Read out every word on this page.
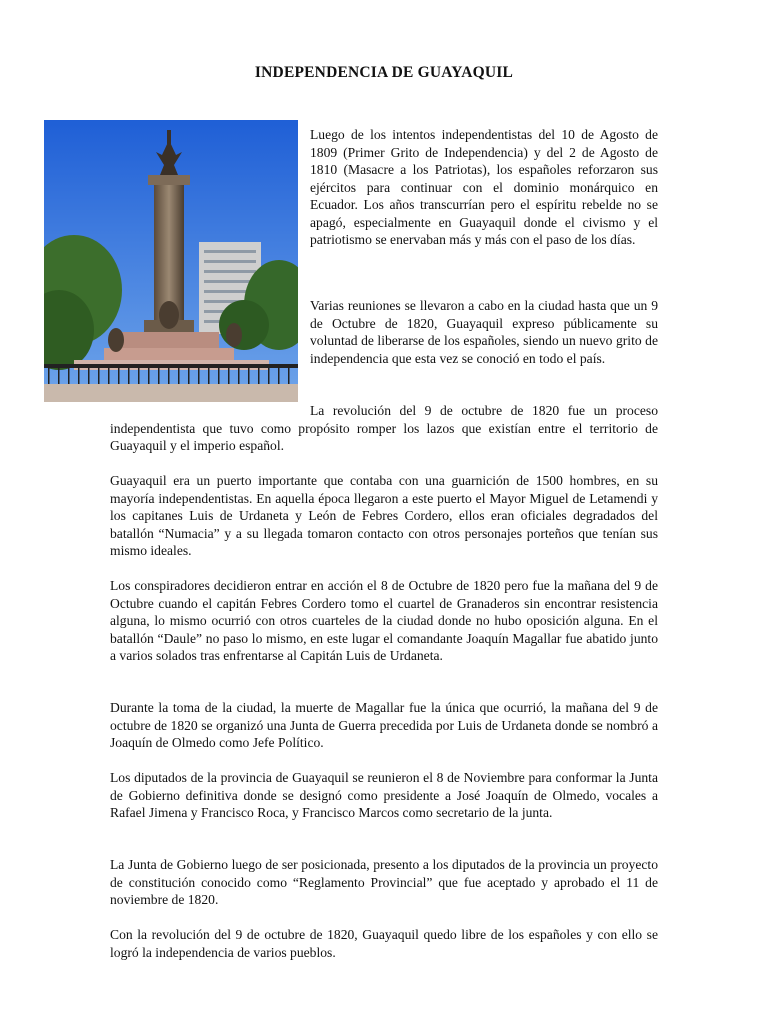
INDEPENDENCIA DE GUAYAQUIL

Luego de los intentos independentistas del 10 de Agosto de 1809 (Primer Grito de Independencia) y del 2 de Agosto de 1810 (Masacre a los Patriotas), los españoles reforzaron sus ejércitos para continuar con el dominio monárquico en Ecuador. Los años transcurrían pero el espíritu rebelde no se apagó, especialmente en Guayaquil donde el civismo y el patriotismo se enervaban más y más con el paso de los días.

Varias reuniones se llevaron a cabo en la ciudad hasta que un 9 de Octubre de 1820, Guayaquil expreso públicamente su voluntad de liberarse de los españoles, siendo un nuevo grito de independencia que esta vez se conoció en todo el país.

La revolución del 9 de octubre de 1820 fue un proceso independentista que tuvo como propósito romper los lazos que existían entre el territorio de Guayaquil y el imperio español.

Guayaquil era un puerto importante que contaba con una guarnición de 1500 hombres, en su mayoría independentistas. En aquella época llegaron a este puerto el Mayor Miguel de Letamendi y los capitanes Luis de Urdaneta y León de Febres Cordero, ellos eran oficiales degradados del batallón “Numacia” y a su llegada tomaron contacto con otros personajes porteños que tenían sus mismo ideales.

Los conspiradores decidieron entrar en acción el 8 de Octubre de 1820 pero fue la mañana del 9 de Octubre cuando el capitán Febres Cordero tomo el cuartel de Granaderos sin encontrar resistencia alguna, lo mismo ocurrió con otros cuarteles de la ciudad donde no hubo oposición alguna. En el batallón “Daule” no paso lo mismo, en este lugar el comandante Joaquín Magallar fue abatido junto a varios solados tras enfrentarse al Capitán Luis de Urdaneta.

Durante la toma de la ciudad, la muerte de Magallar fue la única que ocurrió, la mañana del 9 de octubre de 1820 se organizó una Junta de Guerra precedida por Luis de Urdaneta donde se nombró a Joaquín de Olmedo como Jefe Político.

Los diputados de la provincia de Guayaquil se reunieron el 8 de Noviembre para conformar la Junta de Gobierno definitiva donde se designó como presidente a José Joaquín de Olmedo, vocales a Rafael Jimena y Francisco Roca, y Francisco Marcos como secretario de la junta.

La Junta de Gobierno luego de ser posicionada, presento a los diputados de la provincia un proyecto de constitución conocido como “Reglamento Provincial” que fue aceptado y aprobado el 11 de noviembre de 1820.

Con la revolución del 9 de octubre de 1820, Guayaquil quedo libre de los españoles y con ello se logró la independencia de varios pueblos.
